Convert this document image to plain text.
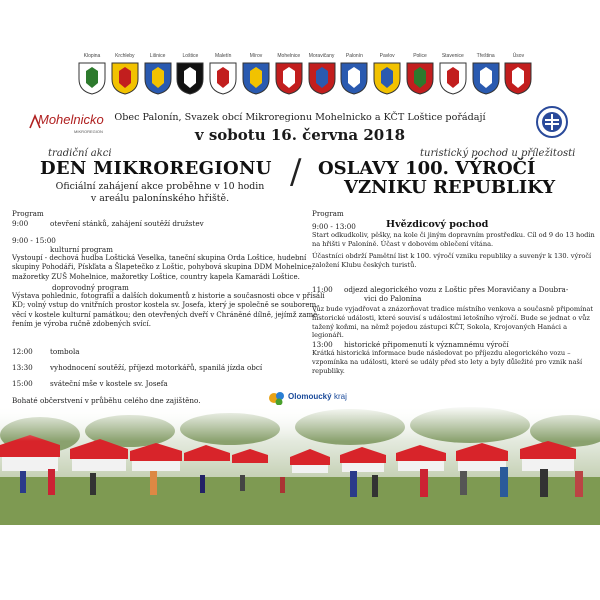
Klopina	Krchleby	Lišnice	Loštice	Maletín	Mírov	Mohelnice	Moravičany	Palonín	Pavlov	Police	Stavenice	Třeština	Úsov
Mohelnicko
MIKROREGION
Obec Palonín, Svazek obcí Mikroregionu Mohelnicko a KČT Loštice pořádají
v sobotu 16. června 2018
tradiční akci
DEN MIKROREGIONU
Oficiální zahájení akce proběhne v 10 hodin
v areálu palonínského hřiště.
/	turistický pochod u příležitosti
OSLAVY 100. VÝROČÍ
VZNIKU REPUBLIKY
Program
9:00	otevření stánků, zahájení soutěží družstev
9:00 - 15:00
kulturní program
Vystoupí - dechová hudba Loštická Veselka, taneční skupina Orda Loštice, hudební
skupiny Pohodáři, Pískľata a Šlapetečko z Loštic, pohybová skupina DDM Mohelnice,
mažoretky ZUŠ Mohelnice, mažoretky Loštice, country kapela Kamarádi Loštice.
doprovodný program
Výstava pohlednic, fotografií a dalších dokumentů z historie a současnosti obce v přísálí
KD; volný vstup do vnitřních prostor kostela sv. Josefa, který je společně se souborem
věcí v kostele kulturní památkou; den otevřených dveří v Chráněné dílně, jejímž zamě-
řením je výroba ručně zdobených svící.
12:00 tombola
13:30 vyhodnocení soutěží, příjezd motorkářů, spanilá jízda obcí
15:00 sváteční mše v kostele sv. Josefa
Bohaté občerstvení v průběhu celého dne zajištěno.
Program
9:00 - 13:00	Hvězdicový pochod
Start odkudkoliv, pěšky, na kole či jiným dopravním prostředku. Cíl od 9 do 13 hodin
na hřišti v Paloníně. Účast v dobovém oblečení vítána.
Účastníci obdrží Pamětní list k 100. výročí vzniku republiky a suvenýr k 130. výročí
založení Klubu českých turistů.
11:00 odjezd alegorického vozu z Loštic přes Moravičany a Doubra-
vici do Palonína
Vůz bude vyjadřovat a znázorňovat tradice místního venkova a současně připomínat
historické události, které souvisí s událostmi letošního výročí. Bude se jednat o vůz
tažený koňmi, na němž pojedou zástupci KČT, Sokola, Krojovaných Hanáci a legionáři.
13:00 historické připomenutí k významnému výročí
Krátká historická informace bude následovat po příjezdu alegorického vozu –
vzpomínka na události, které se udály před sto lety a byly důležité pro vznik naší
republiky.
Olomoucký kraj
